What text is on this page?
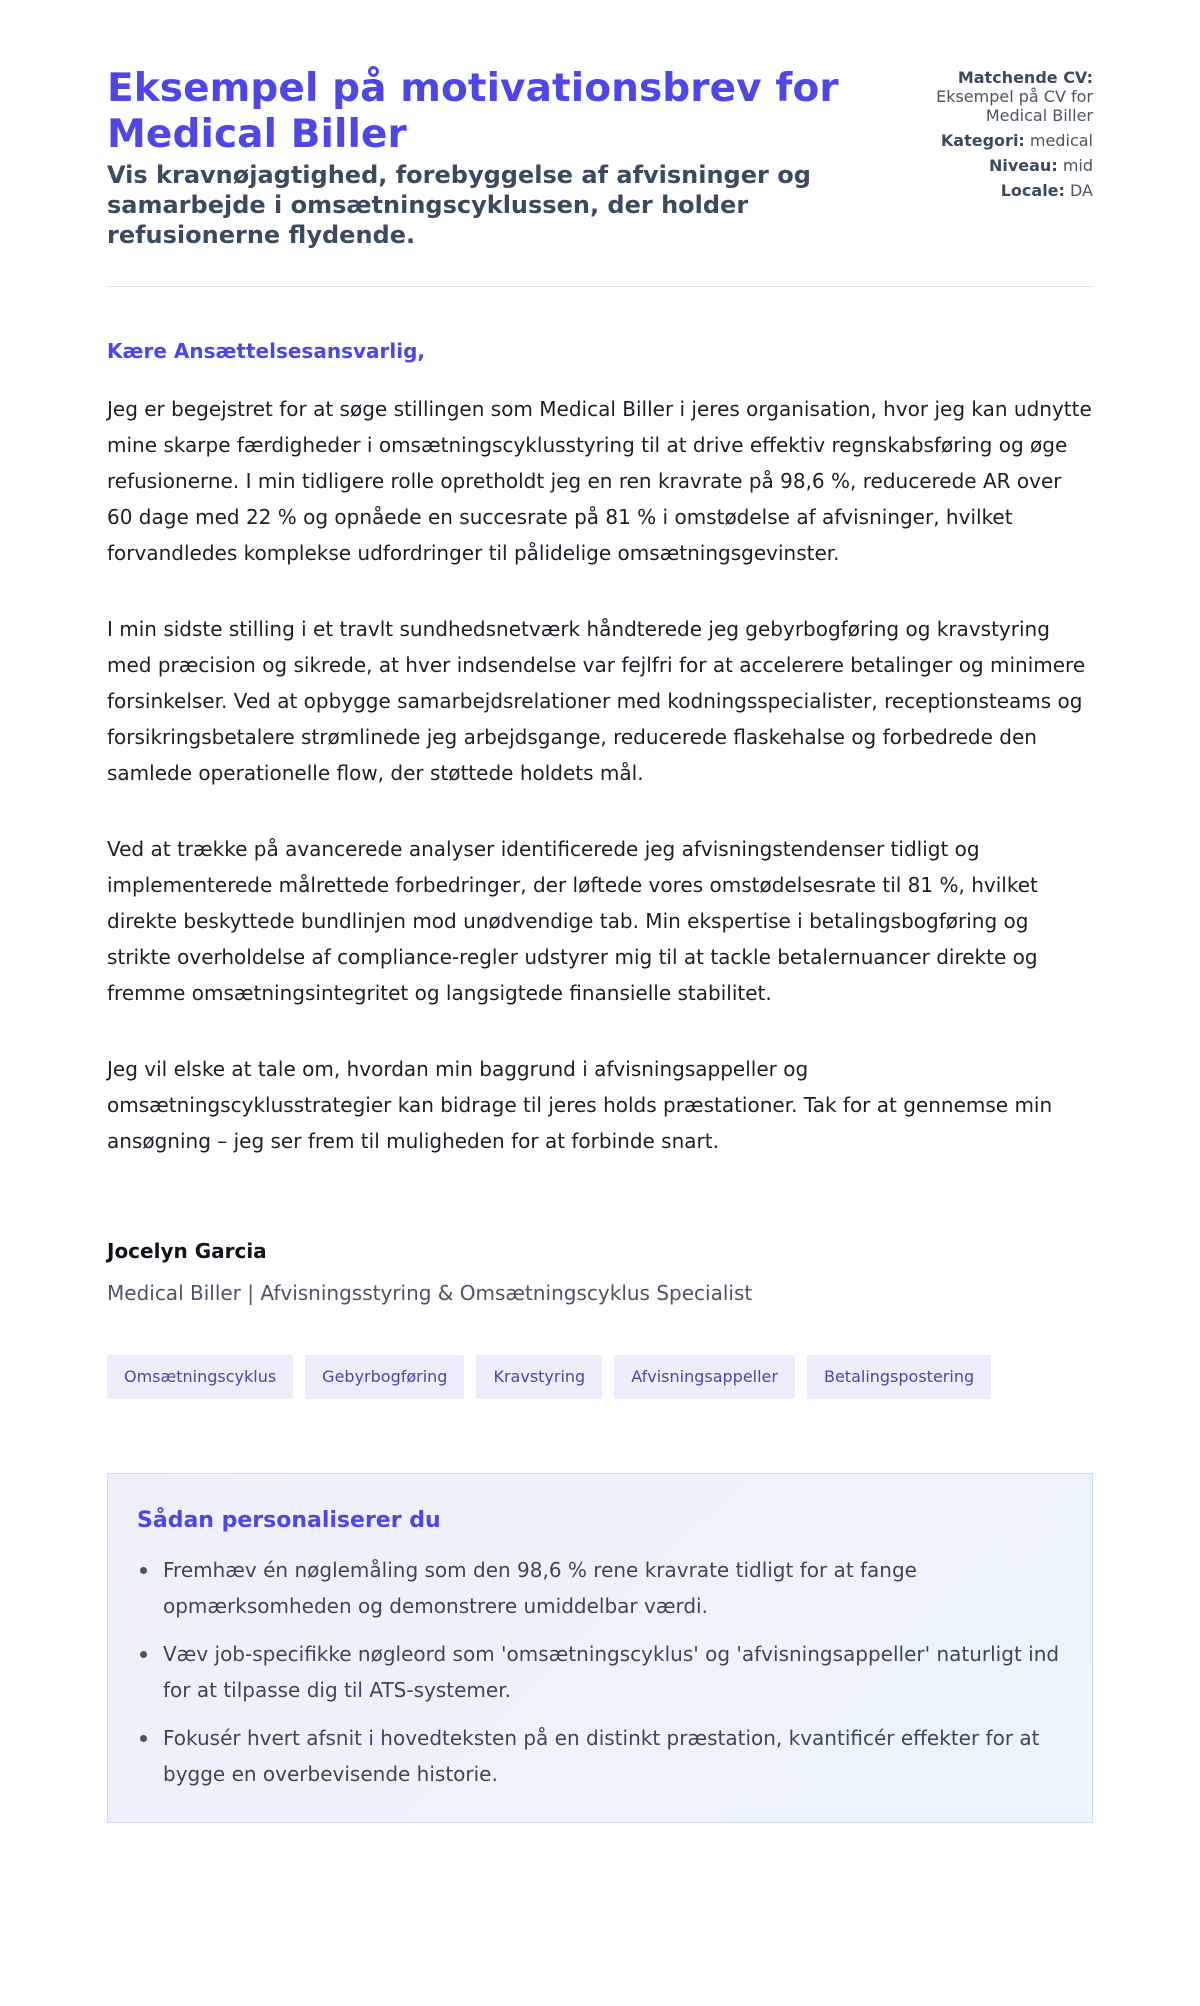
Eksempel på motivationsbrev for Medical Biller
Vis kravnøjagtighed, forebyggelse af afvisninger og samarbejde i omsætningscyklussen, der holder refusionerne flydende.
Matchende CV:
Eksempel på CV for Medical Biller
Kategori: medical
Niveau: mid
Locale: DA

Kære Ansættelsesansvarlig,

Jeg er begejstret for at søge stillingen som Medical Biller i jeres organisation, hvor jeg kan udnytte mine skarpe færdigheder i omsætningscyklusstyring til at drive effektiv regnskabsføring og øge refusionerne. I min tidligere rolle opretholdt jeg en ren kravrate på 98,6 %, reducerede AR over 60 dage med 22 % og opnåede en succesrate på 81 % i omstødelse af afvisninger, hvilket forvandledes komplekse udfordringer til pålidelige omsætningsgevinster.

I min sidste stilling i et travlt sundhedsnetværk håndterede jeg gebyrbogføring og kravstyring med præcision og sikrede, at hver indsendelse var fejlfri for at accelerere betalinger og minimere forsinkelser. Ved at opbygge samarbejdsrelationer med kodningsspecialister, receptionsteams og forsikringsbetalere strømlinede jeg arbejdsgange, reducerede flaskehalse og forbedrede den samlede operationelle flow, der støttede holdets mål.

Ved at trække på avancerede analyser identificerede jeg afvisningstendenser tidligt og implementerede målrettede forbedringer, der løftede vores omstødelsesrate til 81 %, hvilket direkte beskyttede bundlinjen mod unødvendige tab. Min ekspertise i betalingsbogføring og strikte overholdelse af compliance-regler udstyrer mig til at tackle betalernuancer direkte og fremme omsætningsintegritet og langsigtede finansielle stabilitet.

Jeg vil elske at tale om, hvordan min baggrund i afvisningsappeller og omsætningscyklusstrategier kan bidrage til jeres holds præstationer. Tak for at gennemse min ansøgning – jeg ser frem til muligheden for at forbinde snart.

Jocelyn Garcia

Medical Biller | Afvisningsstyring & Omsætningscyklus Specialist

Omsætningscyklus	Gebyrbogføring	Kravstyring	Afvisningsappeller	Betalingspostering
Sådan personaliserer du
Fremhæv én nøglemåling som den 98,6 % rene kravrate tidligt for at fange opmærksomheden og demonstrere umiddelbar værdi.
Væv job-specifikke nøgleord som 'omsætningscyklus' og 'afvisningsappeller' naturligt ind for at tilpasse dig til ATS-systemer.
Fokusér hvert afsnit i hovedteksten på en distinkt præstation, kvantificér effekter for at bygge en overbevisende historie.
